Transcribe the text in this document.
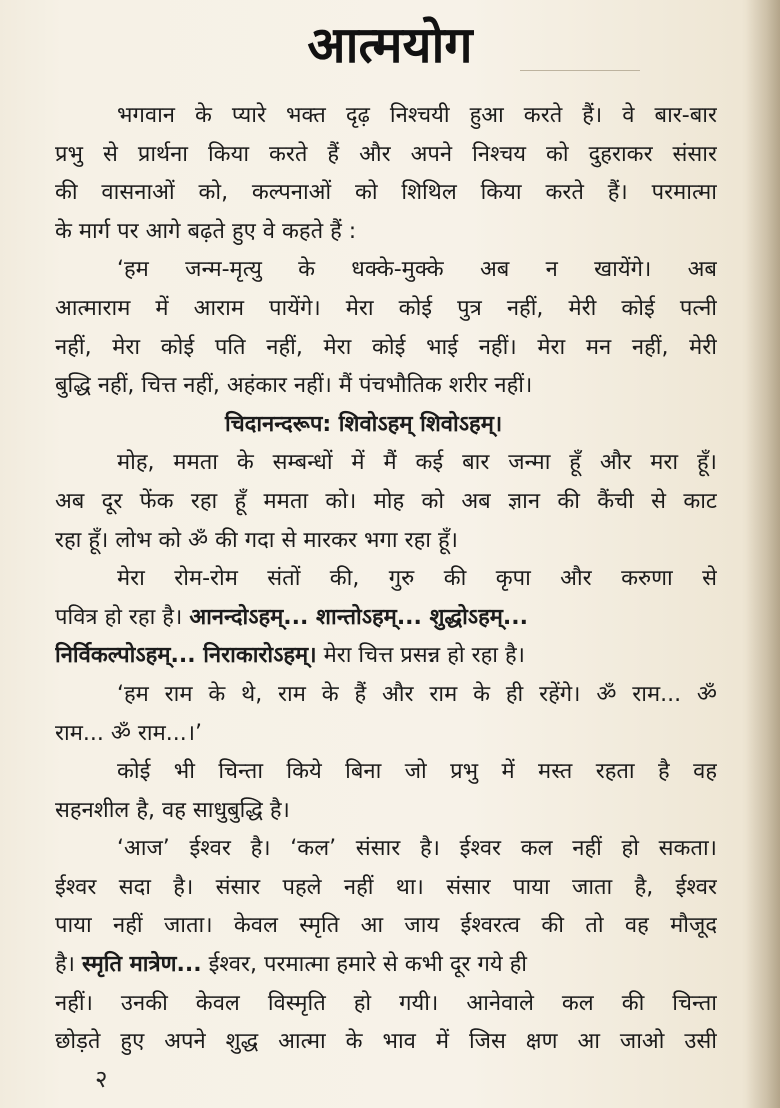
आत्मयोग
भगवान के प्यारे भक्त दृढ़ निश्चयी हुआ करते हैं। वे बार-बार
प्रभु से प्रार्थना किया करते हैं और अपने निश्चय को दुहराकर संसार
की वासनाओं को, कल्पनाओं को शिथिल किया करते हैं। परमात्मा
के मार्ग पर आगे बढ़ते हुए वे कहते हैं :
‘हम जन्म-मृत्यु के धक्के-मुक्के अब न खायेंगे। अब
आत्माराम में आराम पायेंगे। मेरा कोई पुत्र नहीं, मेरी कोई पत्नी
नहीं, मेरा कोई पति नहीं, मेरा कोई भाई नहीं। मेरा मन नहीं, मेरी
बुद्धि नहीं, चित्त नहीं, अहंकार नहीं। मैं पंचभौतिक शरीर नहीं।
चिदानन्दरूप: शिवोऽहम् शिवोऽहम्।
मोह, ममता के सम्बन्धों में मैं कई बार जन्मा हूँ और मरा हूँ।
अब दूर फेंक रहा हूँ ममता को। मोह को अब ज्ञान की कैंची से काट
रहा हूँ। लोभ को ॐ की गदा से मारकर भगा रहा हूँ।
मेरा रोम-रोम संतों की, गुरु की कृपा और करुणा से
पवित्र हो रहा है। आनन्दोऽहम्... शान्तोऽहम्... शुद्धोऽहम्...
निर्विकल्पोऽहम्... निराकारोऽहम्। मेरा चित्त प्रसन्न हो रहा है।
‘हम राम के थे, राम के हैं और राम के ही रहेंगे। ॐ राम... ॐ
राम... ॐ राम...।’
कोई भी चिन्ता किये बिना जो प्रभु में मस्त रहता है वह
सहनशील है, वह साधुबुद्धि है।
‘आज’ ईश्वर है। ‘कल’ संसार है। ईश्वर कल नहीं हो सकता।
ईश्वर सदा है। संसार पहले नहीं था। संसार पाया जाता है, ईश्वर
पाया नहीं जाता। केवल स्मृति आ जाय ईश्वरत्व की तो वह मौजूद
है। स्मृति मात्रेण... ईश्वर, परमात्मा हमारे से कभी दूर गये ही
नहीं। उनकी केवल विस्मृति हो गयी। आनेवाले कल की चिन्ता
छोड़ते हुए अपने शुद्ध आत्मा के भाव में जिस क्षण आ जाओ उसी
२
